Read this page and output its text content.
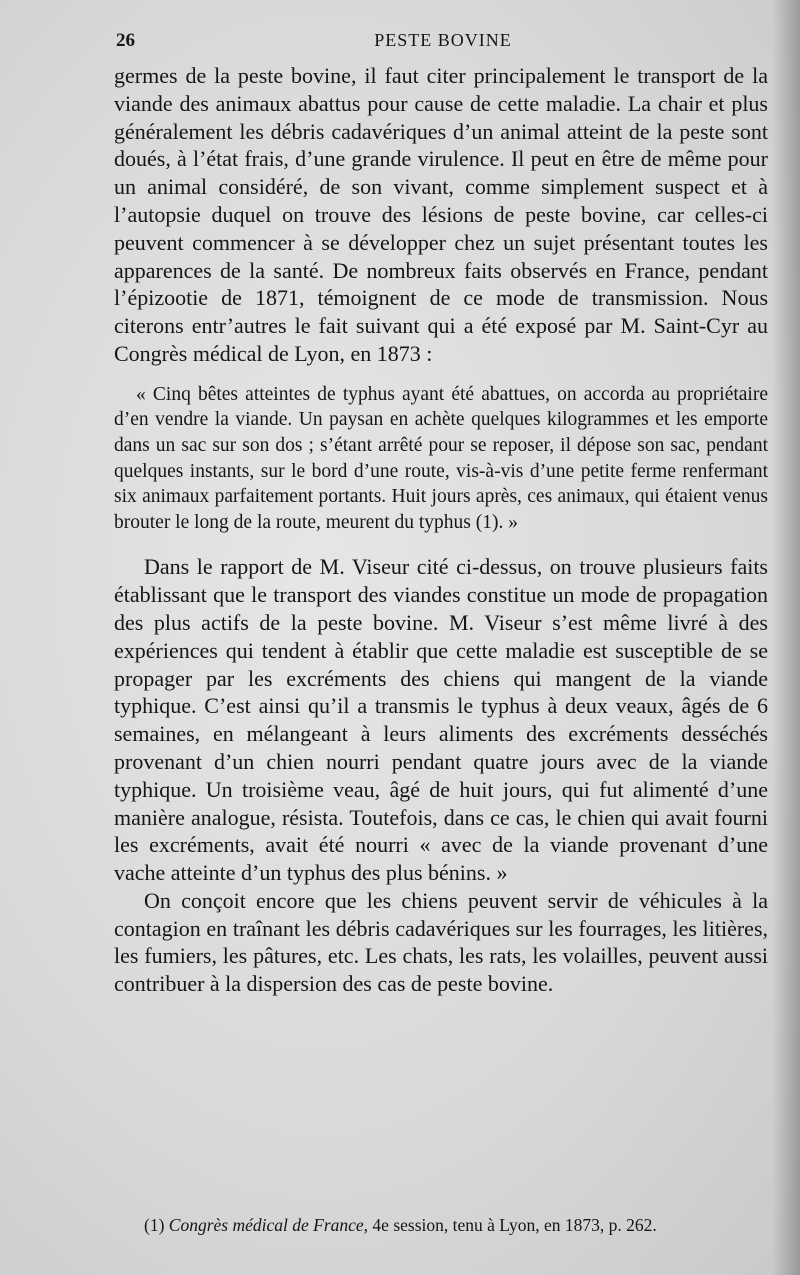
26	PESTE BOVINE

germes de la peste bovine, il faut citer principalement le transport de la viande des animaux abattus pour cause de cette maladie. La chair et plus généralement les débris cadavériques d’un animal atteint de la peste sont doués, à l’état frais, d’une grande virulence. Il peut en être de même pour un animal considéré, de son vivant, comme simplement suspect et à l’autopsie duquel on trouve des lésions de peste bovine, car celles-ci peuvent commencer à se développer chez un sujet présentant toutes les apparences de la santé. De nombreux faits observés en France, pendant l’épizootie de 1871, témoignent de ce mode de transmission. Nous citerons entr’autres le fait suivant qui a été exposé par M. Saint-Cyr au Congrès médical de Lyon, en 1873 :

« Cinq bêtes atteintes de typhus ayant été abattues, on accorda au propriétaire d’en vendre la viande. Un paysan en achète quelques kilogrammes et les emporte dans un sac sur son dos ; s’étant arrêté pour se reposer, il dépose son sac, pendant quelques instants, sur le bord d’une route, vis-à-vis d’une petite ferme renfermant six animaux parfaitement portants. Huit jours après, ces animaux, qui étaient venus brouter le long de la route, meurent du typhus (1). »

Dans le rapport de M. Viseur cité ci-dessus, on trouve plusieurs faits établissant que le transport des viandes constitue un mode de propagation des plus actifs de la peste bovine. M. Viseur s’est même livré à des expériences qui tendent à établir que cette maladie est susceptible de se propager par les excréments des chiens qui mangent de la viande typhique. C’est ainsi qu’il a transmis le typhus à deux veaux, âgés de 6 semaines, en mélangeant à leurs aliments des excréments desséchés provenant d’un chien nourri pendant quatre jours avec de la viande typhique. Un troisième veau, âgé de huit jours, qui fut alimenté d’une manière analogue, résista. Toutefois, dans ce cas, le chien qui avait fourni les excréments, avait été nourri « avec de la viande provenant d’une vache atteinte d’un typhus des plus bénins. »

On conçoit encore que les chiens peuvent servir de véhicules à la contagion en traînant les débris cadavériques sur les fourrages, les litières, les fumiers, les pâtures, etc. Les chats, les rats, les volailles, peuvent aussi contribuer à la dispersion des cas de peste bovine.

(1) Congrès médical de France, 4e session, tenu à Lyon, en 1873, p. 262.
